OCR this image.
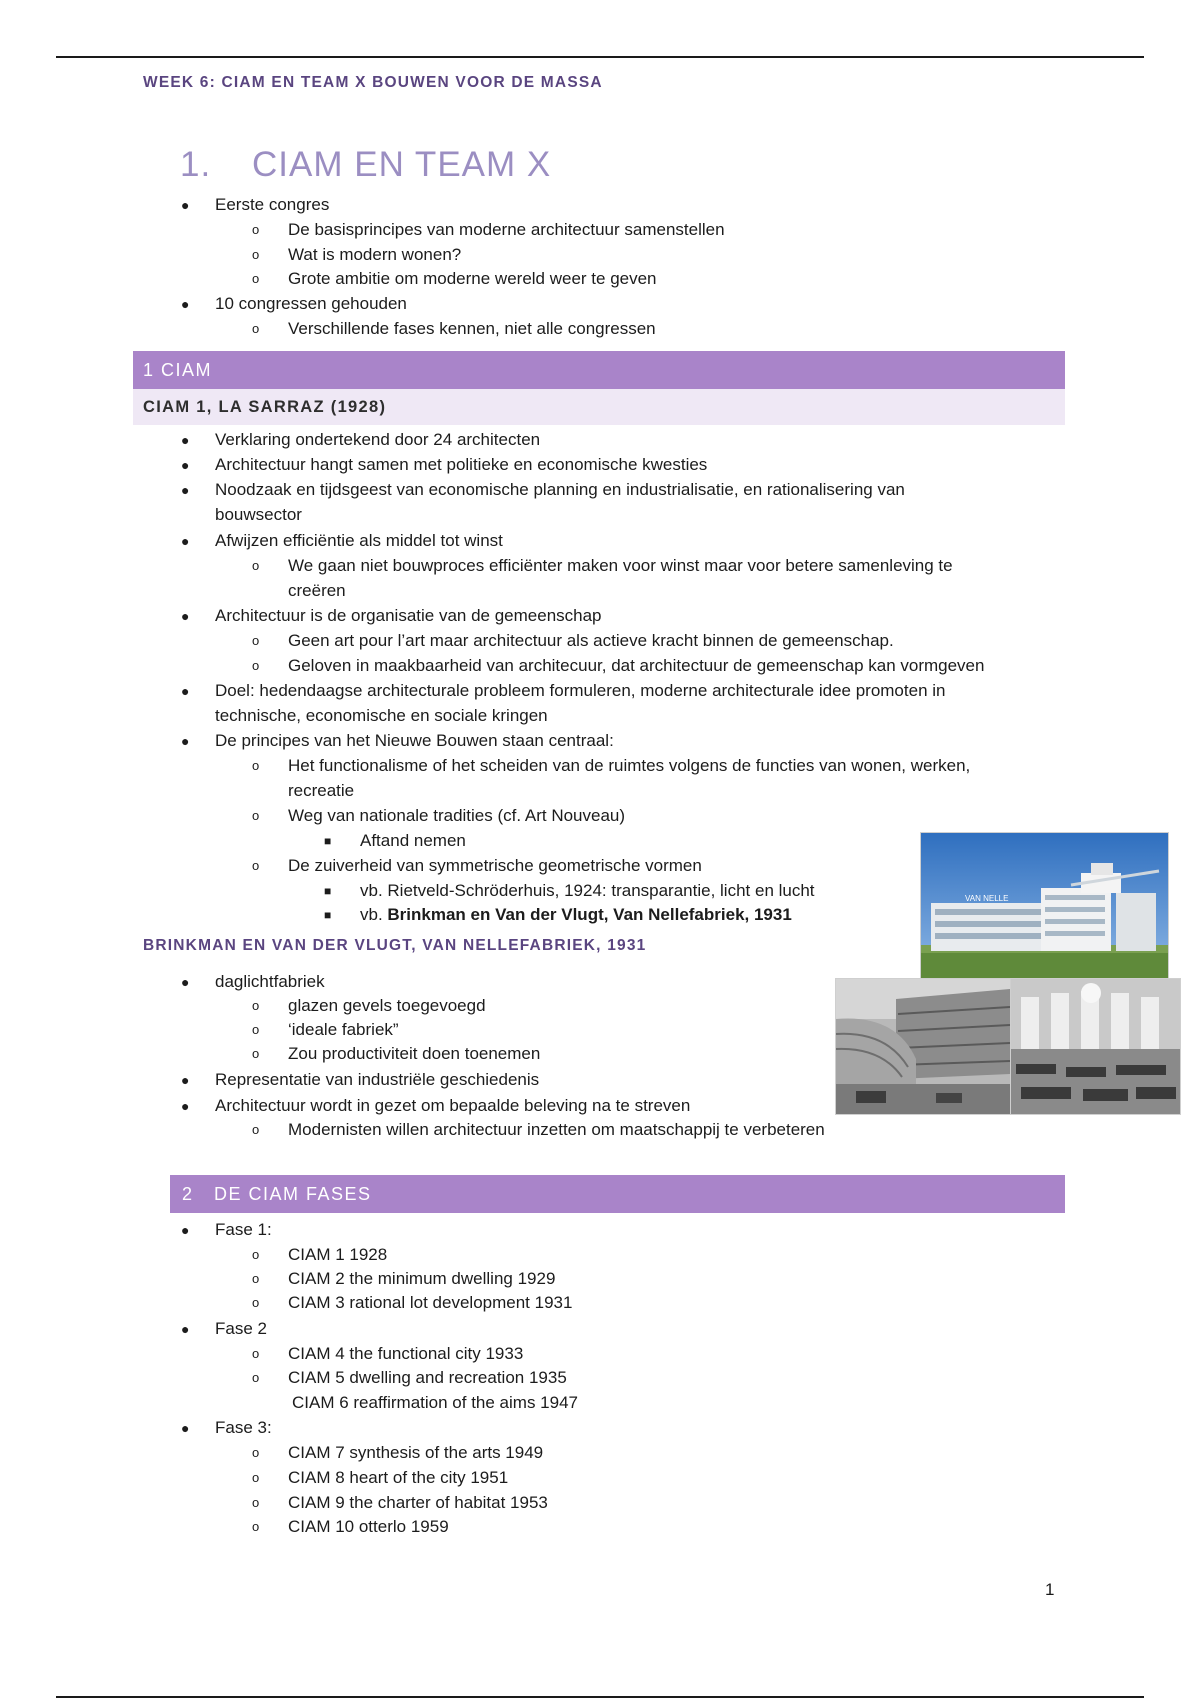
WEEK 6: CIAM EN TEAM X BOUWEN VOOR DE MASSA
1. CIAM EN TEAM X
● Eerste congres
o De basisprincipes van moderne architectuur samenstellen
o Wat is modern wonen?
o Grote ambitie om moderne wereld weer te geven
● 10 congressen gehouden
o Verschillende fases kennen, niet alle congressen
1 CIAM
CIAM 1, LA SARRAZ (1928)
● Verklaring ondertekend door 24 architecten
● Architectuur hangt samen met politieke en economische kwesties
● Noodzaak en tijdsgeest van economische planning en industrialisatie, en rationalisering van
bouwsector
● Afwijzen efficiëntie als middel tot winst
o We gaan niet bouwproces efficiënter maken voor winst maar voor betere samenleving te
creëren
● Architectuur is de organisatie van de gemeenschap
o Geen art pour l’art maar architectuur als actieve kracht binnen de gemeenschap.
o Geloven in maakbaarheid van architecuur, dat architectuur de gemeenschap kan vormgeven
● Doel: hedendaagse architecturale probleem formuleren, moderne architecturale idee promoten in
technische, economische en sociale kringen
● De principes van het Nieuwe Bouwen staan centraal:
o Het functionalisme of het scheiden van de ruimtes volgens de functies van wonen, werken,
recreatie
o Weg van nationale tradities (cf. Art Nouveau)
■ Aftand nemen
o De zuiverheid van symmetrische geometrische vormen
■ vb. Rietveld-Schröderhuis, 1924: transparantie, licht en lucht
■ vb. Brinkman en Van der Vlugt, Van Nellefabriek, 1931
VAN NELLE
BRINKMAN EN VAN DER VLUGT, VAN NELLEFABRIEK, 1931
● daglichtfabriek
o glazen gevels toegevoegd
o ‘ideale fabriek”
o Zou productiviteit doen toenemen
● Representatie van industriële geschiedenis
● Architectuur wordt in gezet om bepaalde beleving na te streven
o Modernisten willen architectuur inzetten om maatschappij te verbeteren
2 DE CIAM FASES
● Fase 1:
o CIAM 1 1928
o CIAM 2 the minimum dwelling 1929
o CIAM 3 rational lot development 1931
● Fase 2
o CIAM 4 the functional city 1933
o CIAM 5 dwelling and recreation 1935
CIAM 6 reaffirmation of the aims 1947
● Fase 3:
o CIAM 7 synthesis of the arts 1949
o CIAM 8 heart of the city 1951
o CIAM 9 the charter of habitat 1953
o CIAM 10 otterlo 1959
1
